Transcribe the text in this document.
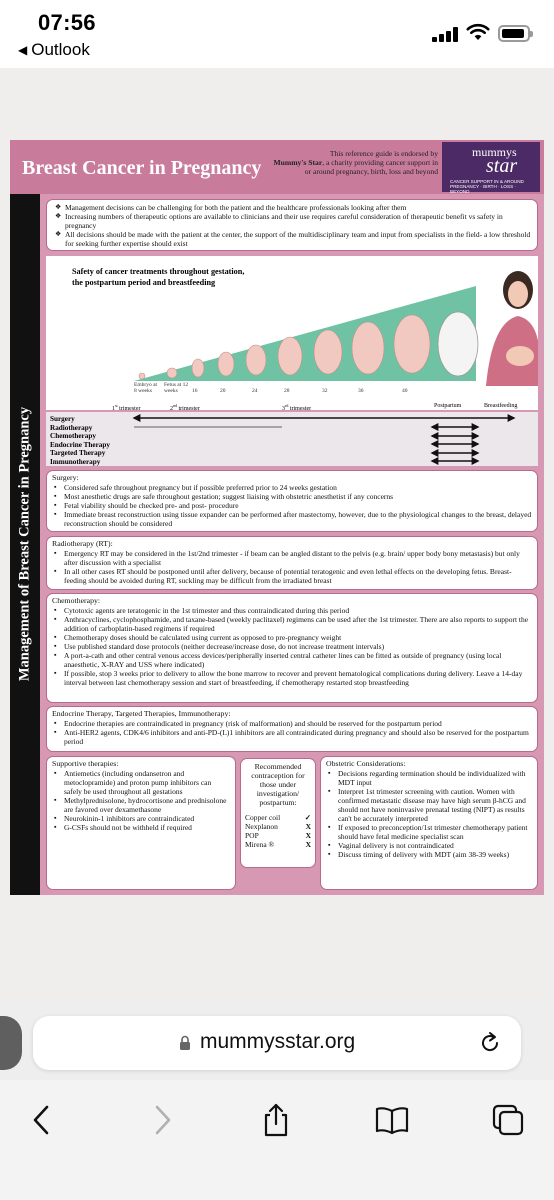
07:56
◀ Outlook
Breast Cancer in Pregnancy
This reference guide is endorsed by
Mummy's Star, a charity providing cancer support in or around pregnancy, birth, loss and beyond
mummys
star
CANCER SUPPORT IN & AROUND PREGNANCY · BIRTH · LOSS · BEYOND
Management of Breast Cancer in Pregnancy
❖ Management decisions can be challenging for both the patient and the healthcare professionals looking after them
❖ Increasing numbers of therapeutic options are available to clinicians and their use requires careful consideration of therapeutic benefit vs safety in pregnancy
❖ All decisions should be made with the patient at the center, the support of the multidisciplinary team and input from specialists in the field- a low threshold for seeking further expertise should exist
Safety of cancer treatments throughout gestation,
the postpartum period and breastfeeding
Embryo at 8 weeks
Fetus at 12 weeks	16	20	24	28	32	36	40
1st trimester	2nd trimester	3rd trimester	Postpartum	Breastfeeding
Surgery
Radiotherapy
Chemotherapy
Endocrine Therapy
Targeted Therapy
Immunotherapy
Surgery:
▪ Considered safe throughout pregnancy but if possible preferred prior to 24 weeks gestation
▪ Most anesthetic drugs are safe throughout gestation; suggest liaising with obstetric anesthetist if any concerns
▪ Fetal viability should be checked pre- and post- procedure
▪ Immediate breast reconstruction using tissue expander can be performed after mastectomy, however, due to the physiological changes to the breast, delayed reconstruction should be considered
Radiotherapy (RT):
▪ Emergency RT may be considered in the 1st/2nd trimester - if beam can be angled distant to the pelvis (e.g. brain/ upper body bony metastasis) but only after discussion with a specialist
▪ In all other cases RT should be postponed until after delivery, because of potential teratogenic and even lethal effects on the developing fetus. Breast-feeding should be avoided during RT, suckling may be difficult from the irradiated breast
Chemotherapy:
▪ Cytotoxic agents are teratogenic in the 1st trimester and thus contraindicated during this period
▪ Anthracyclines, cyclophosphamide, and taxane-based (weekly paclitaxel) regimens can be used after the 1st trimester. There are also reports to support the addition of carboplatin-based regimens if required
▪ Chemotherapy doses should be calculated using current as opposed to pre-pregnancy weight
▪ Use published standard dose protocols (neither decrease/increase dose, do not increase treatment intervals)
▪ A port-a-cath and other central venous access devices/peripherally inserted central catheter lines can be fitted as outside of pregnancy (using local anaesthetic, X-RAY and USS where indicated)
▪ If possible, stop 3 weeks prior to delivery to allow the bone marrow to recover and prevent hematological complications during delivery. Leave a 14-day interval between last chemotherapy session and start of breastfeeding, if chemotherapy restarted stop breastfeeding
Endocrine Therapy, Targeted Therapies, Immunotherapy:
▪ Endocrine therapies are contraindicated in pregnancy (risk of malformation) and should be reserved for the postpartum period
▪ Anti-HER2 agents, CDK4/6 inhibitors and anti-PD-(L)1 inhibitors are all contraindicated during pregnancy and should also be reserved for the postpartum period
Supportive therapies:
▪ Antiemetics (including ondansetron and metoclopramide) and proton pump inhibitors can safely be used throughout all gestations
▪ Methylprednisolone, hydrocortisone and prednisolone are favored over dexamethasone
▪ Neurokinin-1 inhibitors are contraindicated
▪ G-CSFs should not be withheld if required
Recommended contraception for those under investigation/ postpartum:
Copper coil	✓
Nexplanon	X
POP	X
Mirena ®	X
Obstetric Considerations:
▪ Decisions regarding termination should be individualized with MDT input
▪ Interpret 1st trimester screening with caution. Women with confirmed metastatic disease may have high serum β-hCG and should not have noninvasive prenatal testing (NIPT) as results can't be accurately interpreted
▪ If exposed to preconception/1st trimester chemotherapy patient should have fetal medicine specialist scan
▪ Vaginal delivery is not contraindicated
▪ Discuss timing of delivery with MDT (aim 38-39 weeks)
mummysstar.org
